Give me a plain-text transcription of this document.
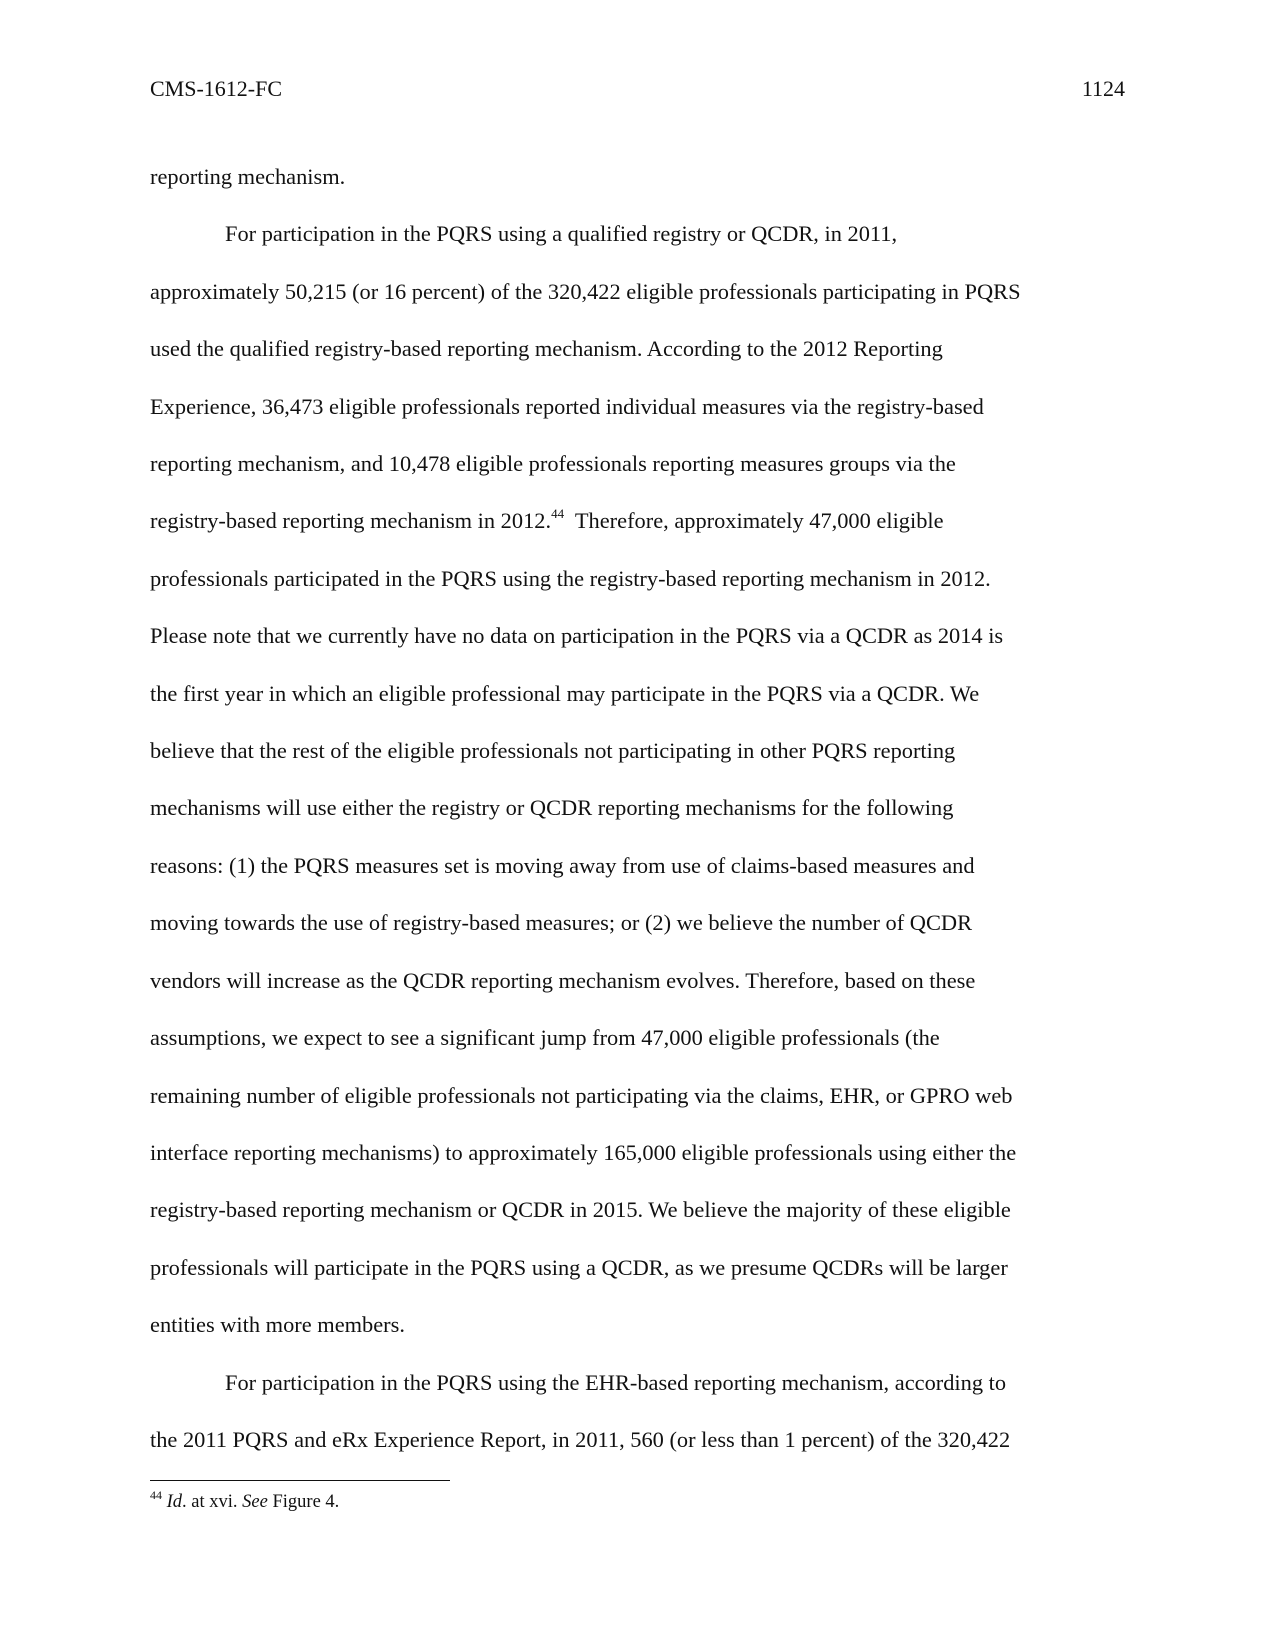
CMS-1612-FC	1124
reporting mechanism.
For participation in the PQRS using a qualified registry or QCDR, in 2011,
approximately 50,215 (or 16 percent) of the 320,422 eligible professionals participating in PQRS
used the qualified registry-based reporting mechanism. According to the 2012 Reporting
Experience, 36,473 eligible professionals reported individual measures via the registry-based
reporting mechanism, and 10,478 eligible professionals reporting measures groups via the
registry-based reporting mechanism in 2012.44 Therefore, approximately 47,000 eligible
professionals participated in the PQRS using the registry-based reporting mechanism in 2012.
Please note that we currently have no data on participation in the PQRS via a QCDR as 2014 is
the first year in which an eligible professional may participate in the PQRS via a QCDR. We
believe that the rest of the eligible professionals not participating in other PQRS reporting
mechanisms will use either the registry or QCDR reporting mechanisms for the following
reasons: (1) the PQRS measures set is moving away from use of claims-based measures and
moving towards the use of registry-based measures; or (2) we believe the number of QCDR
vendors will increase as the QCDR reporting mechanism evolves. Therefore, based on these
assumptions, we expect to see a significant jump from 47,000 eligible professionals (the
remaining number of eligible professionals not participating via the claims, EHR, or GPRO web
interface reporting mechanisms) to approximately 165,000 eligible professionals using either the
registry-based reporting mechanism or QCDR in 2015. We believe the majority of these eligible
professionals will participate in the PQRS using a QCDR, as we presume QCDRs will be larger
entities with more members.
For participation in the PQRS using the EHR-based reporting mechanism, according to
the 2011 PQRS and eRx Experience Report, in 2011, 560 (or less than 1 percent) of the 320,422
$^{44}$ Id. at xvi. See Figure 4.
